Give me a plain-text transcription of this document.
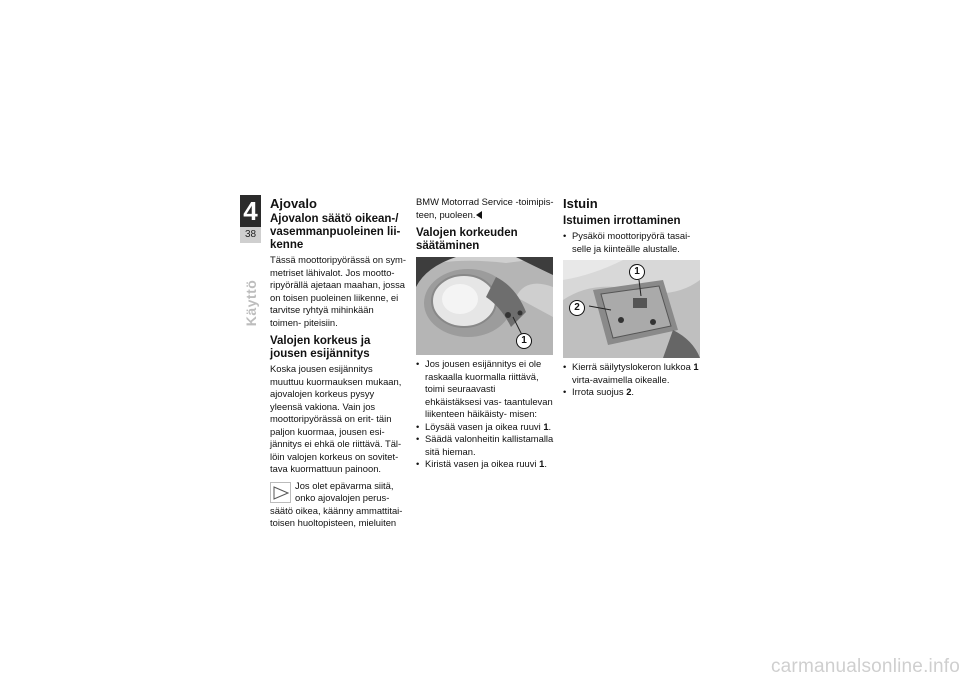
4
38
Käyttö
Ajovalo
Ajovalon säätö oikean-/ vasemmanpuoleinen lii- kenne

Tässä moottoripyörässä on sym- metriset lähivalot. Jos mootto- ripyörällä ajetaan maahan, jossa on toisen puoleinen liikenne, ei tarvitse ryhtyä mihinkään toimen- piteisiin.

Valojen korkeus ja jousen esijännitys

Koska jousen esijännitys muuttuu kuormauksen mukaan, ajovalojen korkeus pysyy yleensä vakiona. Vain jos moottoripyörässä on erit- täin paljon kuormaa, jousen esi- jännitys ei ehkä ole riittävä. Täl- löin valojen korkeus on sovitet- tava kuormattuun painoon.

Jos olet epävarma siitä, onko ajovalojen perus- säätö oikea, käänny ammattitai- toisen huoltopisteen, mieluiten

BMW Motorrad Service -toimipis- teen, puoleen.

Valojen korkeuden säätäminen
1
• Jos jousen esijännitys ei ole raskaalla kuormalla riittävä, toimi seuraavasti ehkäistäksesi vas- taantulevan liikenteen häikäisty- misen:
• Löysää vasen ja oikea ruuvi 1.
• Säädä valonheitin kallistamalla sitä hieman.
• Kiristä vasen ja oikea ruuvi 1.
Istuin
Istuimen irrottaminen
• Pysäköi moottoripyörä tasai- selle ja kiinteälle alustalle.
1
2
• Kierrä säilytyslokeron lukkoa 1 virta-avaimella oikealle.
• Irrota suojus 2.
carmanualsonline.info
